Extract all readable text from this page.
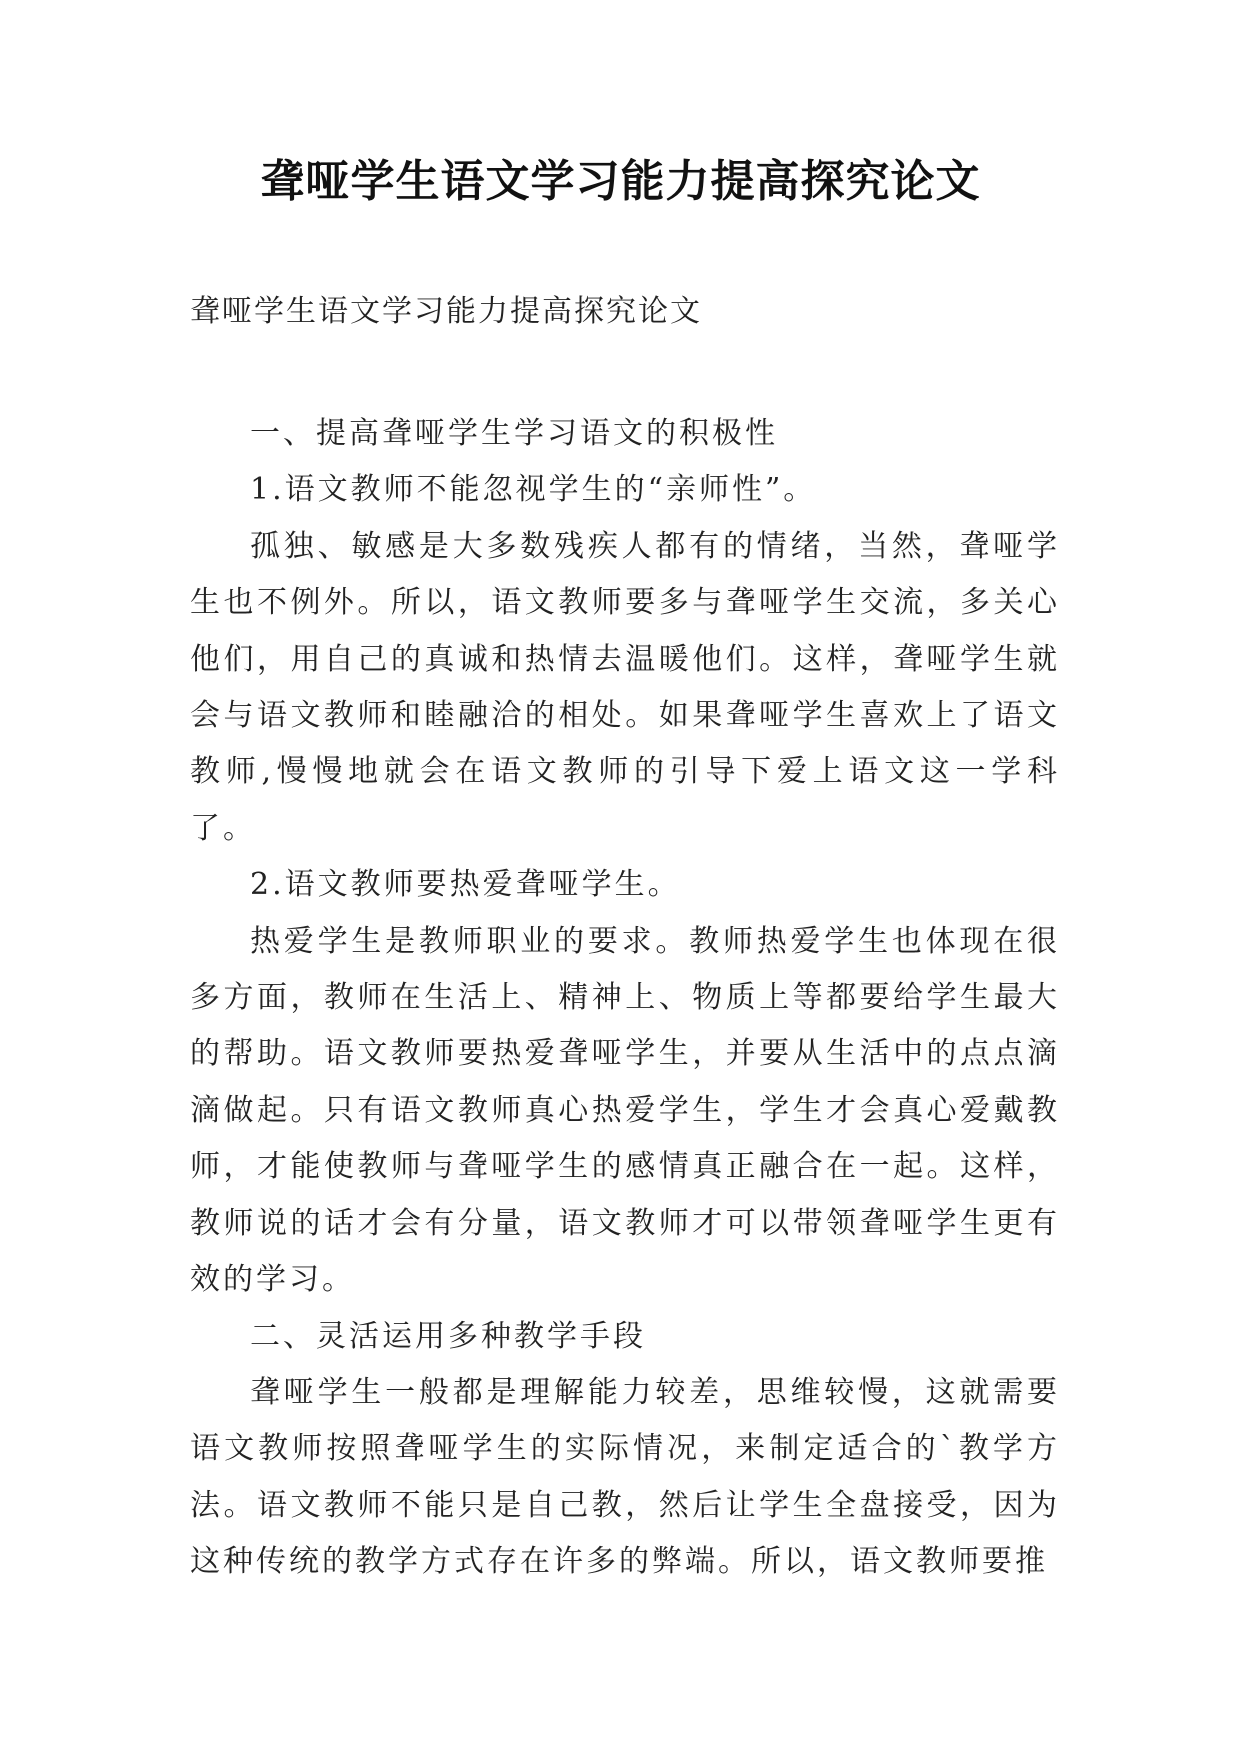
聋哑学生语文学习能力提高探究论文
聋哑学生语文学习能力提高探究论文

一、提高聋哑学生学习语文的积极性

1.语文教师不能忽视学生的“亲师性”。

孤独、敏感是大多数残疾人都有的情绪，当然，聋哑学生也不例外。所以，语文教师要多与聋哑学生交流，多关心他们，用自己的真诚和热情去温暖他们。这样，聋哑学生就会与语文教师和睦融洽的相处。如果聋哑学生喜欢上了语文教师,慢慢地就会在语文教师的引导下爱上语文这一学科了。

2.语文教师要热爱聋哑学生。

热爱学生是教师职业的要求。教师热爱学生也体现在很多方面，教师在生活上、精神上、物质上等都要给学生最大的帮助。语文教师要热爱聋哑学生，并要从生活中的点点滴滴做起。只有语文教师真心热爱学生，学生才会真心爱戴教师，才能使教师与聋哑学生的感情真正融合在一起。这样，教师说的话才会有分量，语文教师才可以带领聋哑学生更有效的学习。

二、灵活运用多种教学手段

聋哑学生一般都是理解能力较差，思维较慢，这就需要语文教师按照聋哑学生的实际情况，来制定适合的`教学方法。语文教师不能只是自己教，然后让学生全盘接受，因为这种传统的教学方式存在许多的弊端。所以，语文教师要推
